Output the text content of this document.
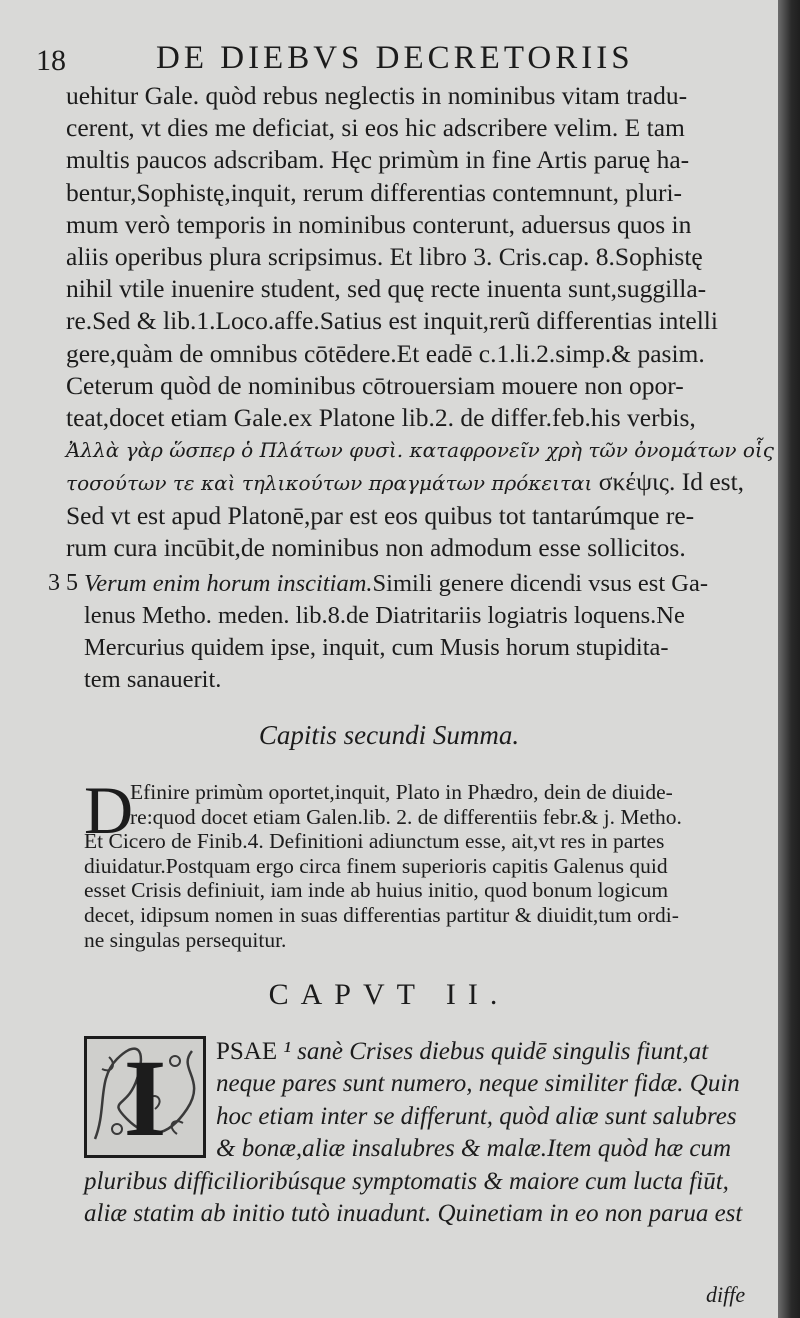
18	DE DIEBVS DECRETORIIS
uehitur Gale. quòd rebus neglectis in nominibus vitam tradu-
cerent, vt dies me deficiat, si eos hic adscribere velim. E tam
multis paucos adscribam. Hęc primùm in fine Artis paruę ha-
bentur,Sophistę,inquit, rerum differentias contemnunt, pluri-
mum verò temporis in nominibus conterunt, aduersus quos in
aliis operibus plura scripsimus. Et libro 3. Cris.cap. 8.Sophistę
nihil vtile inuenire student, sed quę recte inuenta sunt,suggilla-
re.Sed & lib.1.Loco.affe.Satius est inquit,rerũ differentias intelli
gere,quàm de omnibus cōtēdere.Et eadē c.1.li.2.simp.& pasim.
Ceterum quòd de nominibus cōtrouersiam mouere non opor-
teat,docet etiam Gale.ex Platone lib.2. de differ.feb.his verbis,
Ἀλλὰ γὰρ ὥσπερ ὁ Πλάτων φυσὶ. κατaφρονεῖν χρὴ τῶν ὀνομάτων οἷς
τοσούτων τε καὶ τηλικούτων πραγμάτων πρόκειται σκέψις. Id est,
Sed vt est apud Platonē,par est eos quibus tot tantarúmque re-
rum cura incūbit,de nominibus non admodum esse sollicitos.
3 5 Verum enim horum inscitiam.Simili genere dicendi vsus est Ga-
lenus Metho. meden. lib.8.de Diatritariis logiatris loquens.Ne
Mercurius quidem ipse, inquit, cum Musis horum stupidita-
tem sanauerit.
Capitis secundi Summa.
D
Efinire primùm oportet,inquit, Plato in Phædro, dein de diuide-
re:quod docet etiam Galen.lib. 2. de differentiis febr.& j. Metho.
Et Cicero de Finib.4. Definitioni adiunctum esse, ait,vt res in partes
diuidatur.Postquam ergo circa finem superioris capitis Galenus quid
esset Crisis definiuit, iam inde ab huius initio, quod bonum logicum
decet, idipsum nomen in suas differentias partitur & diuidit,tum ordi-
ne singulas persequitur.
CAPVT II.
I	PSAE ¹ sanè Crises diebus quidē singulis fiunt,at
neque pares sunt numero, neque similiter fidæ. Quin
hoc etiam inter se differunt, quòd aliæ sunt salubres
& bonæ,aliæ insalubres & malæ.Item quòd hæ cum
pluribus difficilioribúsque symptomatis & maiore cum lucta fiūt,
aliæ statim ab initio tutò inuadunt. Quinetiam in eo non parua est
diffe
